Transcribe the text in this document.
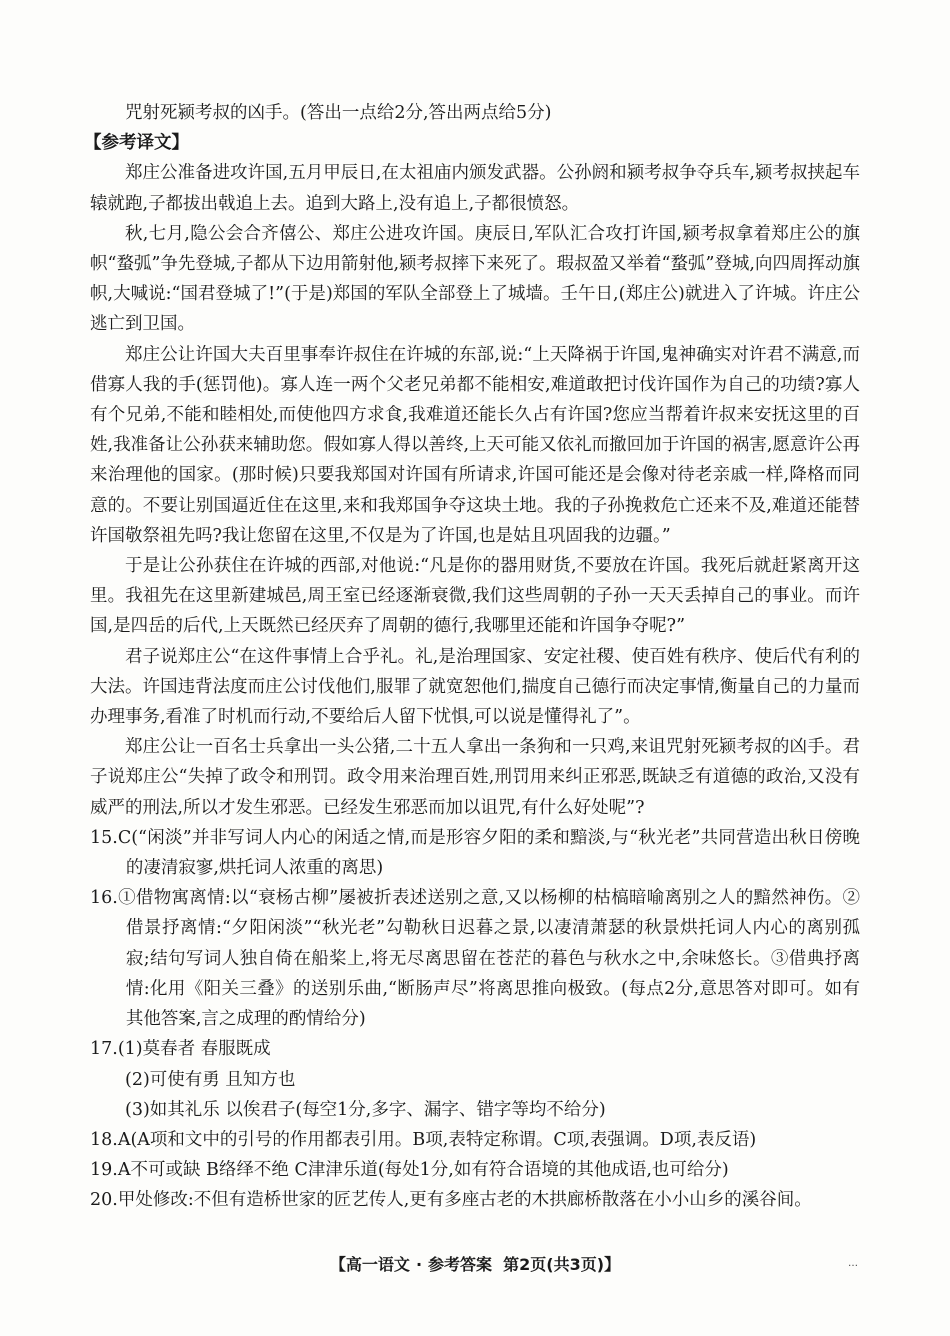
咒射死颍考叔的凶手。(答出一点给2分,答出两点给5分)

【参考译文】

郑庄公准备进攻许国,五月甲辰日,在太祖庙内颁发武器。公孙阏和颍考叔争夺兵车,颍考叔挟起车辕就跑,子都拔出戟追上去。追到大路上,没有追上,子都很愤怒。

秋,七月,隐公会合齐僖公、郑庄公进攻许国。庚辰日,军队汇合攻打许国,颍考叔拿着郑庄公的旗帜“蝥弧”争先登城,子都从下边用箭射他,颍考叔摔下来死了。瑕叔盈又举着“蝥弧”登城,向四周挥动旗帜,大喊说:“国君登城了!”(于是)郑国的军队全部登上了城墙。壬午日,(郑庄公)就进入了许城。许庄公逃亡到卫国。

郑庄公让许国大夫百里事奉许叔住在许城的东部,说:“上天降祸于许国,鬼神确实对许君不满意,而借寡人我的手(惩罚他)。寡人连一两个父老兄弟都不能相安,难道敢把讨伐许国作为自己的功绩?寡人有个兄弟,不能和睦相处,而使他四方求食,我难道还能长久占有许国?您应当帮着许叔来安抚这里的百姓,我准备让公孙获来辅助您。假如寡人得以善终,上天可能又依礼而撤回加于许国的祸害,愿意许公再来治理他的国家。(那时候)只要我郑国对许国有所请求,许国可能还是会像对待老亲戚一样,降格而同意的。不要让别国逼近住在这里,来和我郑国争夺这块土地。我的子孙挽救危亡还来不及,难道还能替许国敬祭祖先吗?我让您留在这里,不仅是为了许国,也是姑且巩固我的边疆。”

于是让公孙获住在许城的西部,对他说:“凡是你的器用财货,不要放在许国。我死后就赶紧离开这里。我祖先在这里新建城邑,周王室已经逐渐衰微,我们这些周朝的子孙一天天丢掉自己的事业。而许国,是四岳的后代,上天既然已经厌弃了周朝的德行,我哪里还能和许国争夺呢?”

君子说郑庄公“在这件事情上合乎礼。礼,是治理国家、安定社稷、使百姓有秩序、使后代有利的大法。许国违背法度而庄公讨伐他们,服罪了就宽恕他们,揣度自己德行而决定事情,衡量自己的力量而办理事务,看准了时机而行动,不要给后人留下忧惧,可以说是懂得礼了”。

郑庄公让一百名士兵拿出一头公猪,二十五人拿出一条狗和一只鸡,来诅咒射死颍考叔的凶手。君子说郑庄公“失掉了政令和刑罚。政令用来治理百姓,刑罚用来纠正邪恶,既缺乏有道德的政治,又没有威严的刑法,所以才发生邪恶。已经发生邪恶而加以诅咒,有什么好处呢”?

15.C(“闲淡”并非写词人内心的闲适之情,而是形容夕阳的柔和黯淡,与“秋光老”共同营造出秋日傍晚的凄清寂寥,烘托词人浓重的离思)

16.①借物寓离情:以“衰杨古柳”屡被折表述送别之意,又以杨柳的枯槁暗喻离别之人的黯然神伤。②借景抒离情:“夕阳闲淡”“秋光老”勾勒秋日迟暮之景,以凄清萧瑟的秋景烘托词人内心的离别孤寂;结句写词人独自倚在船桨上,将无尽离思留在苍茫的暮色与秋水之中,余味悠长。③借典抒离情:化用《阳关三叠》的送别乐曲,“断肠声尽”将离思推向极致。(每点2分,意思答对即可。如有其他答案,言之成理的酌情给分)

17.(1)莫春者 春服既成

(2)可使有勇 且知方也

(3)如其礼乐 以俟君子(每空1分,多字、漏字、错字等均不给分)

18.A(A项和文中的引号的作用都表引用。B项,表特定称谓。C项,表强调。D项,表反语)

19.A不可或缺 B络绎不绝 C津津乐道(每处1分,如有符合语境的其他成语,也可给分)

20.甲处修改:不但有造桥世家的匠艺传人,更有多座古老的木拱廊桥散落在小小山乡的溪谷间。

【高一语文 · 参考答案 第2页(共3页)】	…
